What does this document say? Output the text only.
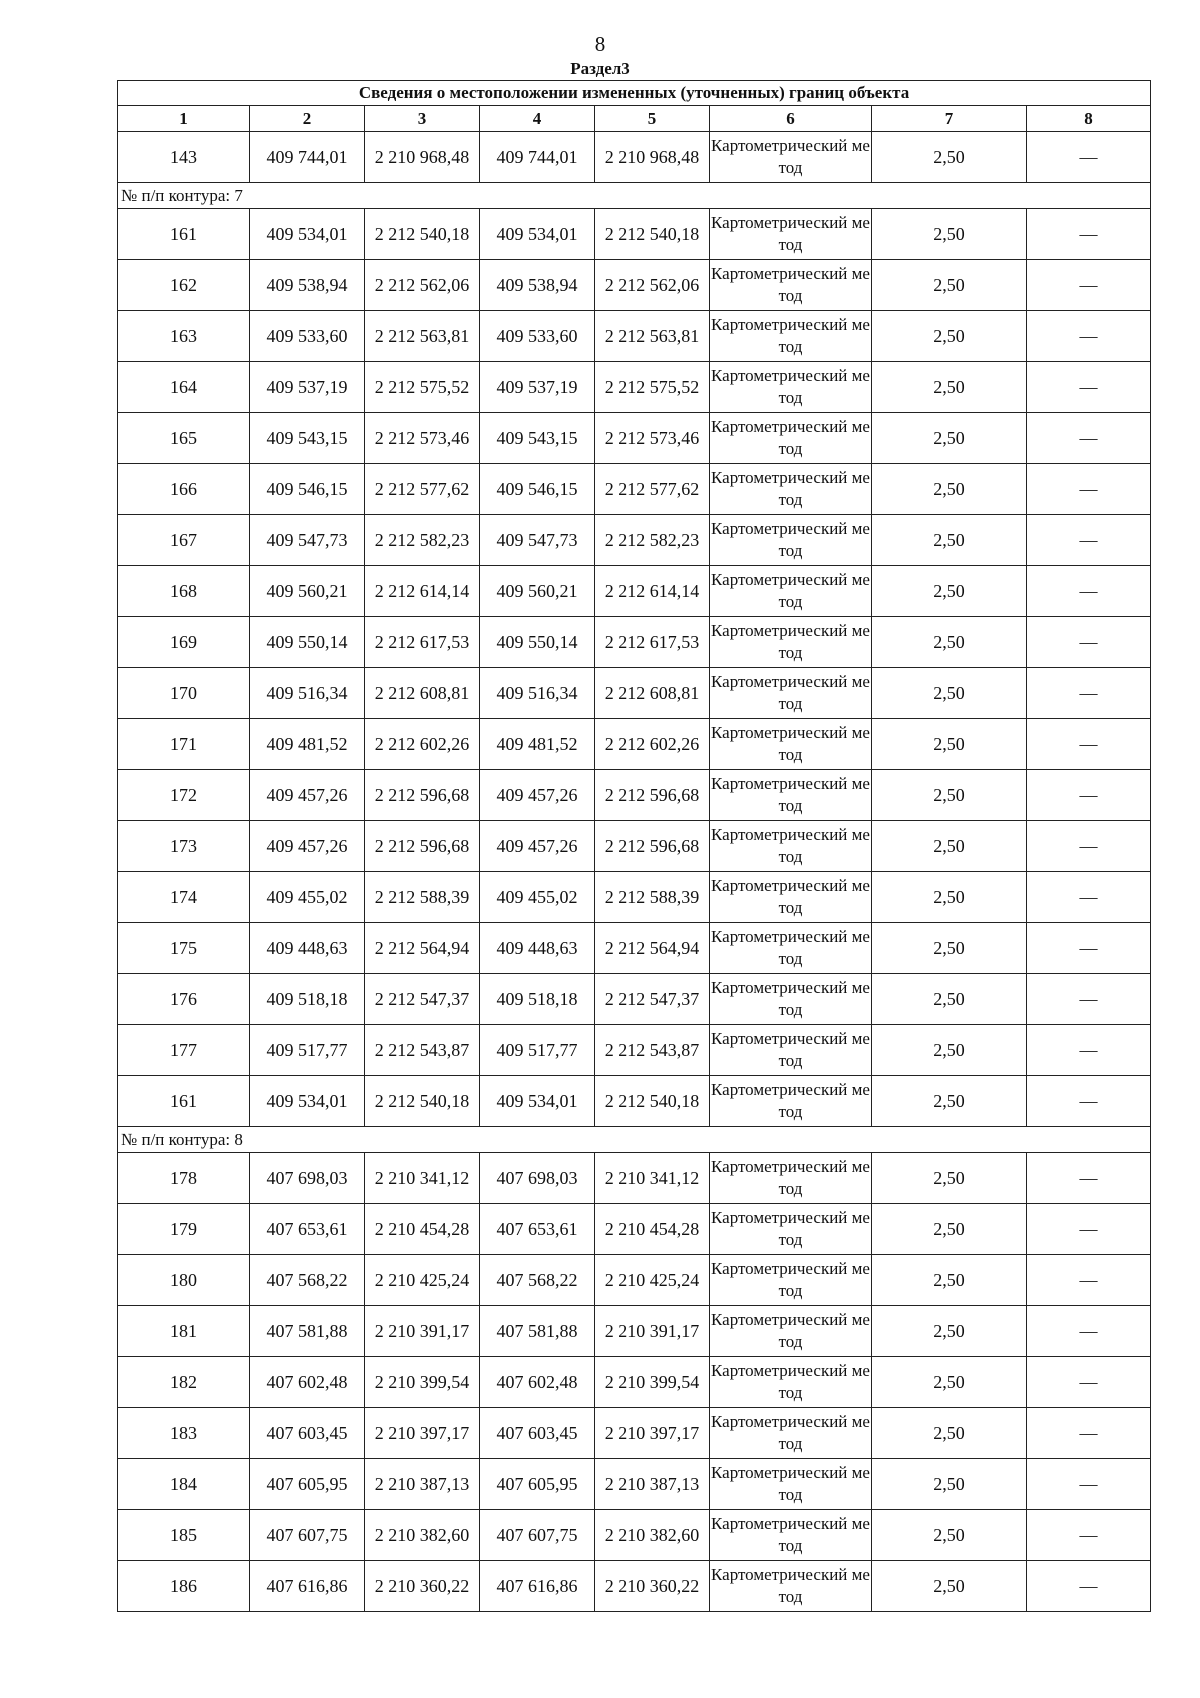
8
Раздел3
Сведения о местоположении измененных (уточненных) границ объекта							
1	2	3	4	5	6	7	8
143	409 744,01	2 210 968,48	409 744,01	2 210 968,48	Картометрический метод	2,50	—
№ п/п контура: 7							
161	409 534,01	2 212 540,18	409 534,01	2 212 540,18	Картометрический метод	2,50	—
162	409 538,94	2 212 562,06	409 538,94	2 212 562,06	Картометрический метод	2,50	—
163	409 533,60	2 212 563,81	409 533,60	2 212 563,81	Картометрический метод	2,50	—
164	409 537,19	2 212 575,52	409 537,19	2 212 575,52	Картометрический метод	2,50	—
165	409 543,15	2 212 573,46	409 543,15	2 212 573,46	Картометрический метод	2,50	—
166	409 546,15	2 212 577,62	409 546,15	2 212 577,62	Картометрический метод	2,50	—
167	409 547,73	2 212 582,23	409 547,73	2 212 582,23	Картометрический метод	2,50	—
168	409 560,21	2 212 614,14	409 560,21	2 212 614,14	Картометрический метод	2,50	—
169	409 550,14	2 212 617,53	409 550,14	2 212 617,53	Картометрический метод	2,50	—
170	409 516,34	2 212 608,81	409 516,34	2 212 608,81	Картометрический метод	2,50	—
171	409 481,52	2 212 602,26	409 481,52	2 212 602,26	Картометрический метод	2,50	—
172	409 457,26	2 212 596,68	409 457,26	2 212 596,68	Картометрический метод	2,50	—
173	409 457,26	2 212 596,68	409 457,26	2 212 596,68	Картометрический метод	2,50	—
174	409 455,02	2 212 588,39	409 455,02	2 212 588,39	Картометрический метод	2,50	—
175	409 448,63	2 212 564,94	409 448,63	2 212 564,94	Картометрический метод	2,50	—
176	409 518,18	2 212 547,37	409 518,18	2 212 547,37	Картометрический метод	2,50	—
177	409 517,77	2 212 543,87	409 517,77	2 212 543,87	Картометрический метод	2,50	—
161	409 534,01	2 212 540,18	409 534,01	2 212 540,18	Картометрический метод	2,50	—
№ п/п контура: 8							
178	407 698,03	2 210 341,12	407 698,03	2 210 341,12	Картометрический метод	2,50	—
179	407 653,61	2 210 454,28	407 653,61	2 210 454,28	Картометрический метод	2,50	—
180	407 568,22	2 210 425,24	407 568,22	2 210 425,24	Картометрический метод	2,50	—
181	407 581,88	2 210 391,17	407 581,88	2 210 391,17	Картометрический метод	2,50	—
182	407 602,48	2 210 399,54	407 602,48	2 210 399,54	Картометрический метод	2,50	—
183	407 603,45	2 210 397,17	407 603,45	2 210 397,17	Картометрический метод	2,50	—
184	407 605,95	2 210 387,13	407 605,95	2 210 387,13	Картометрический метод	2,50	—
185	407 607,75	2 210 382,60	407 607,75	2 210 382,60	Картометрический метод	2,50	—
186	407 616,86	2 210 360,22	407 616,86	2 210 360,22	Картометрический метод	2,50	—
